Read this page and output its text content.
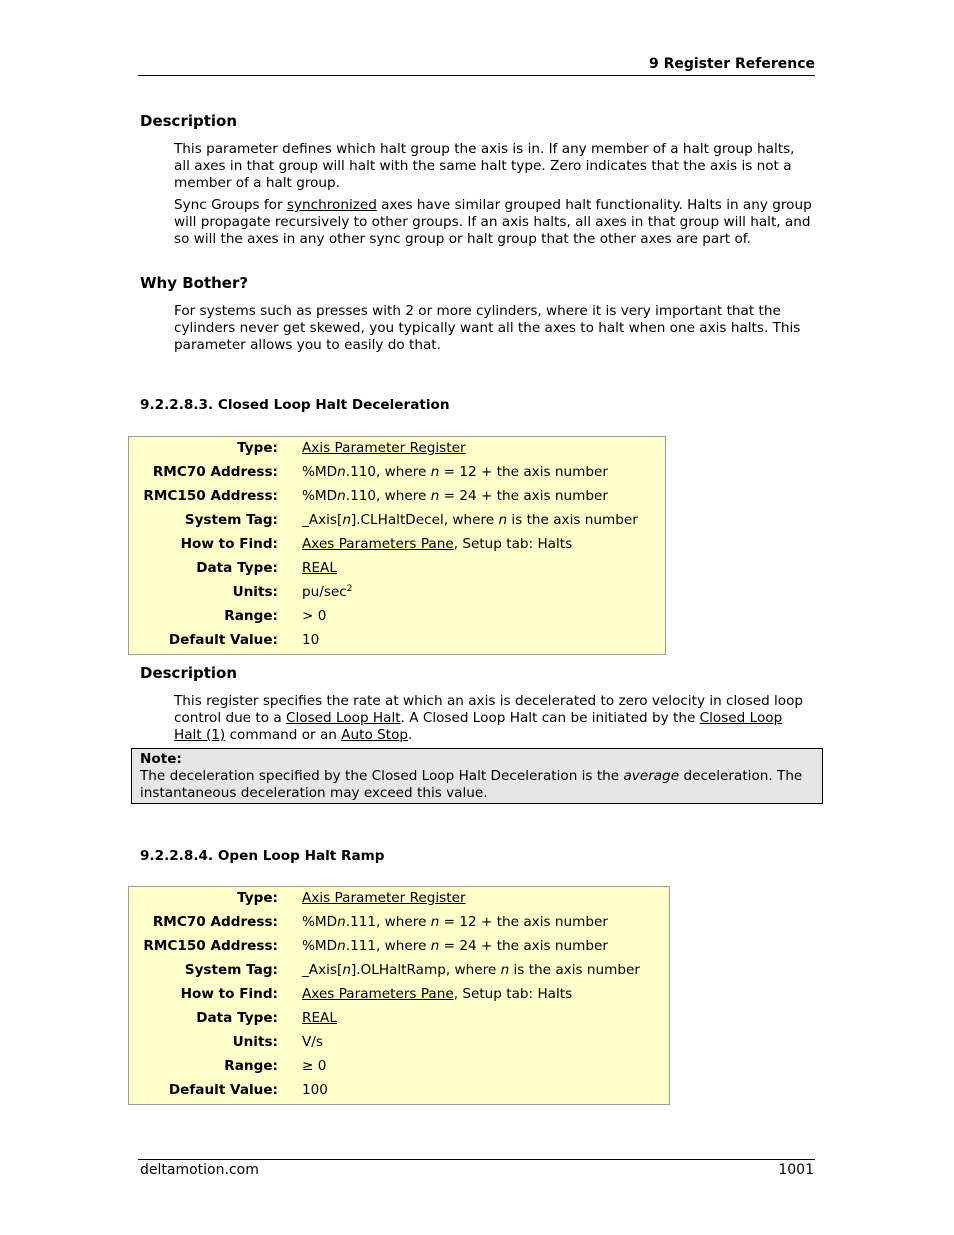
9 Register Reference
Description

This parameter defines which halt group the axis is in. If any member of a halt group halts, all axes in that group will halt with the same halt type. Zero indicates that the axis is not a member of a halt group.

Sync Groups for synchronized axes have similar grouped halt functionality. Halts in any group will propagate recursively to other groups. If an axis halts, all axes in that group will halt, and so will the axes in any other sync group or halt group that the other axes are part of.

Why Bother?

For systems such as presses with 2 or more cylinders, where it is very important that the cylinders never get skewed, you typically want all the axes to halt when one axis halts. This parameter allows you to easily do that.

9.2.2.8.3. Closed Loop Halt Deceleration
Type: Axis Parameter Register
RMC70 Address: %MDn.110, where n = 12 + the axis number
RMC150 Address: %MDn.110, where n = 24 + the axis number
System Tag: _Axis[n].CLHaltDecel, where n is the axis number
How to Find: Axes Parameters Pane, Setup tab: Halts
Data Type: REAL
Units: $pu/\sec^2$
Range: > 0
Default Value: 10
Description

This register specifies the rate at which an axis is decelerated to zero velocity in closed loop control due to a Closed Loop Halt. A Closed Loop Halt can be initiated by the Closed Loop Halt (1) command or an Auto Stop.

Note:
The deceleration specified by the Closed Loop Halt Deceleration is the average deceleration. The instantaneous deceleration may exceed this value.
9.2.2.8.4. Open Loop Halt Ramp
Type: Axis Parameter Register
RMC70 Address: %MDn.111, where n = 12 + the axis number
RMC150 Address: %MDn.111, where n = 24 + the axis number
System Tag: _Axis[n].OLHaltRamp, where n is the axis number
How to Find: Axes Parameters Pane, Setup tab: Halts
Data Type: REAL
Units: V/s
Range: ≥ 0
Default Value: 100
deltamotion.com	1001
